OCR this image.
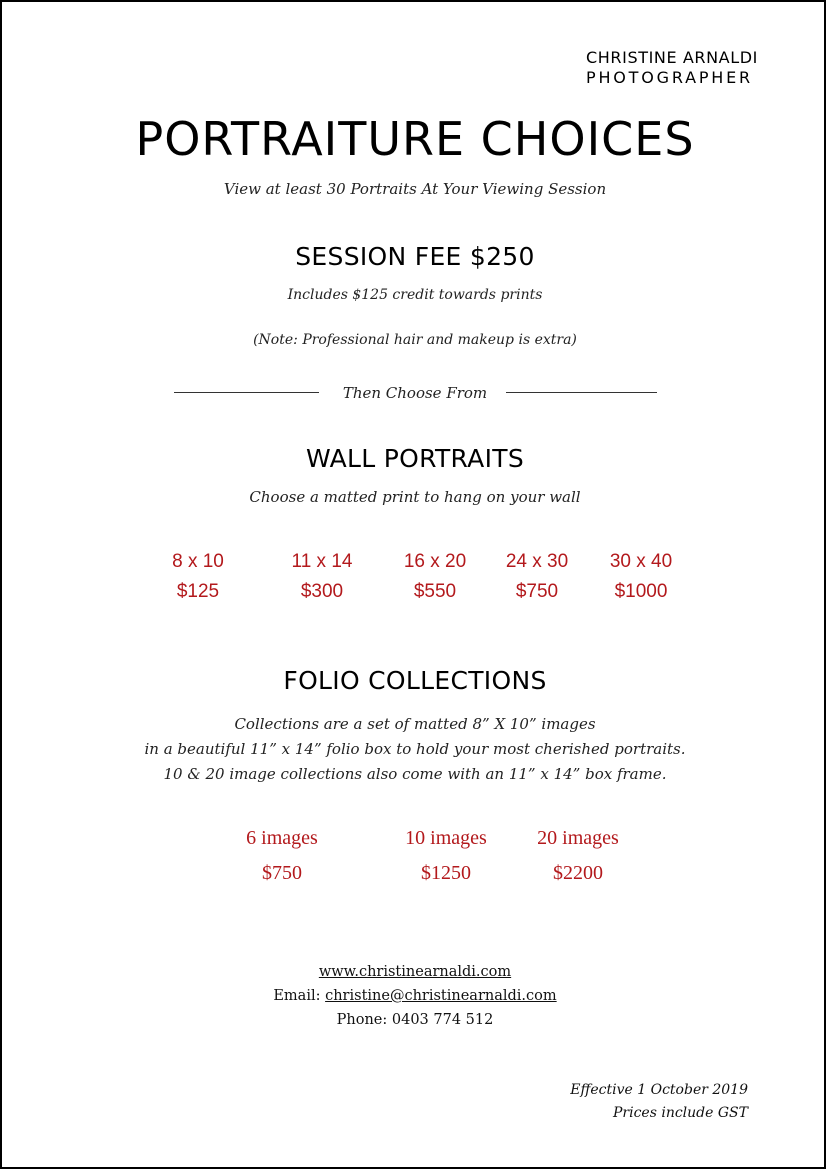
CHRISTINE ARNALDI
PHOTOGRAPHER
PORTRAITURE CHOICES
View at least 30 Portraits At Your Viewing Session
SESSION FEE $250
Includes $125 credit towards prints
(Note: Professional hair and makeup is extra)
Then Choose From
WALL PORTRAITS
Choose a matted print to hang on your wall
8 x 10
$125
11 x 14
$300
16 x 20
$550
24 x 30
$750
30 x 40
$1000
FOLIO COLLECTIONS
Collections are a set of matted 8” X 10” images
in a beautiful 11” x 14” folio box to hold your most cherished portraits.
10 & 20 image collections also come with an 11” x 14” box frame.
6 images
$750
10 images
$1250
20 images
$2200
www.christinearnaldi.com
Email: christine@christinearnaldi.com
Phone: 0403 774 512
Effective 1 October 2019
Prices include GST
